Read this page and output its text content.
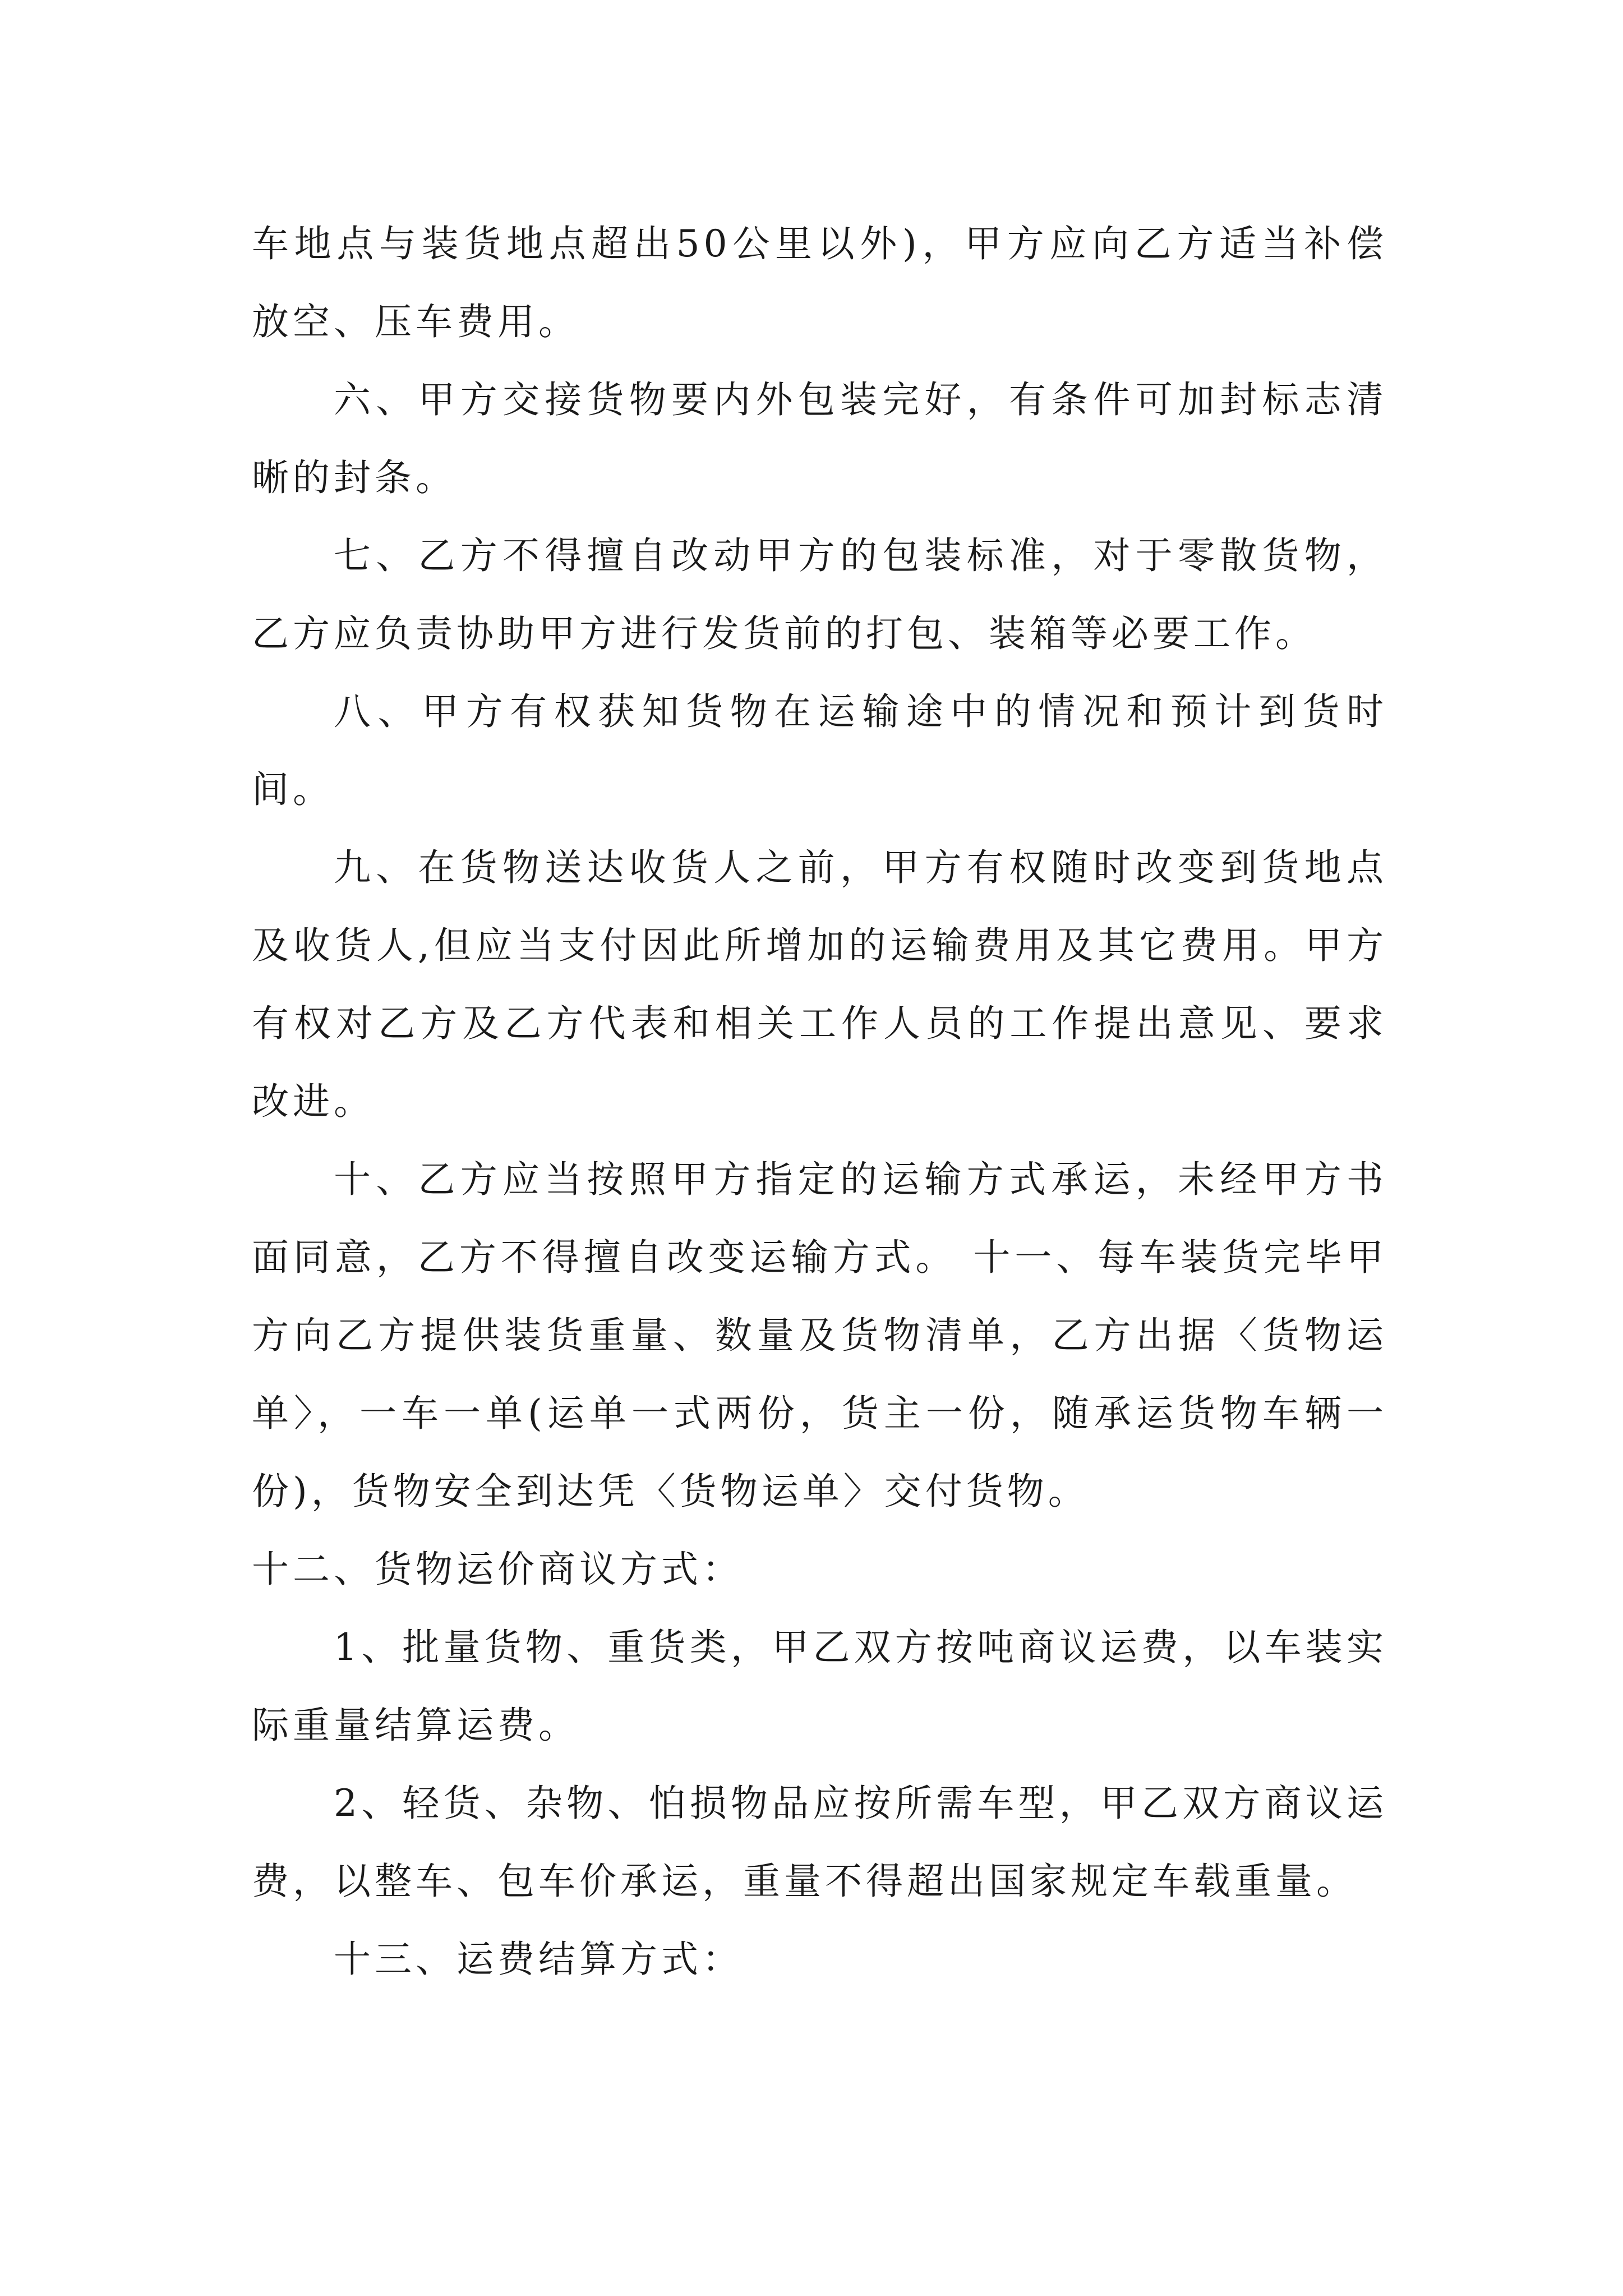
车地点与装货地点超出50公里以外)，甲方应向乙方适当补偿放空、压车费用。

六、甲方交接货物要内外包装完好，有条件可加封标志清晰的封条。

七、乙方不得擅自改动甲方的包装标准，对于零散货物，乙方应负责协助甲方进行发货前的打包、装箱等必要工作。

八、甲方有权获知货物在运输途中的情况和预计到货时间。

九、在货物送达收货人之前，甲方有权随时改变到货地点及收货人,但应当支付因此所增加的运输费用及其它费用。甲方有权对乙方及乙方代表和相关工作人员的工作提出意见、要求改进。

十、乙方应当按照甲方指定的运输方式承运，未经甲方书面同意，乙方不得擅自改变运输方式。 十一、每车装货完毕甲方向乙方提供装货重量、数量及货物清单，乙方出据〈货物运单〉，一车一单(运单一式两份，货主一份，随承运货物车辆一份)，货物安全到达凭〈货物运单〉交付货物。

十二、货物运价商议方式：

1、批量货物、重货类，甲乙双方按吨商议运费，以车装实际重量结算运费。

2、轻货、杂物、怕损物品应按所需车型，甲乙双方商议运费，以整车、包车价承运，重量不得超出国家规定车载重量。

十三、运费结算方式：
